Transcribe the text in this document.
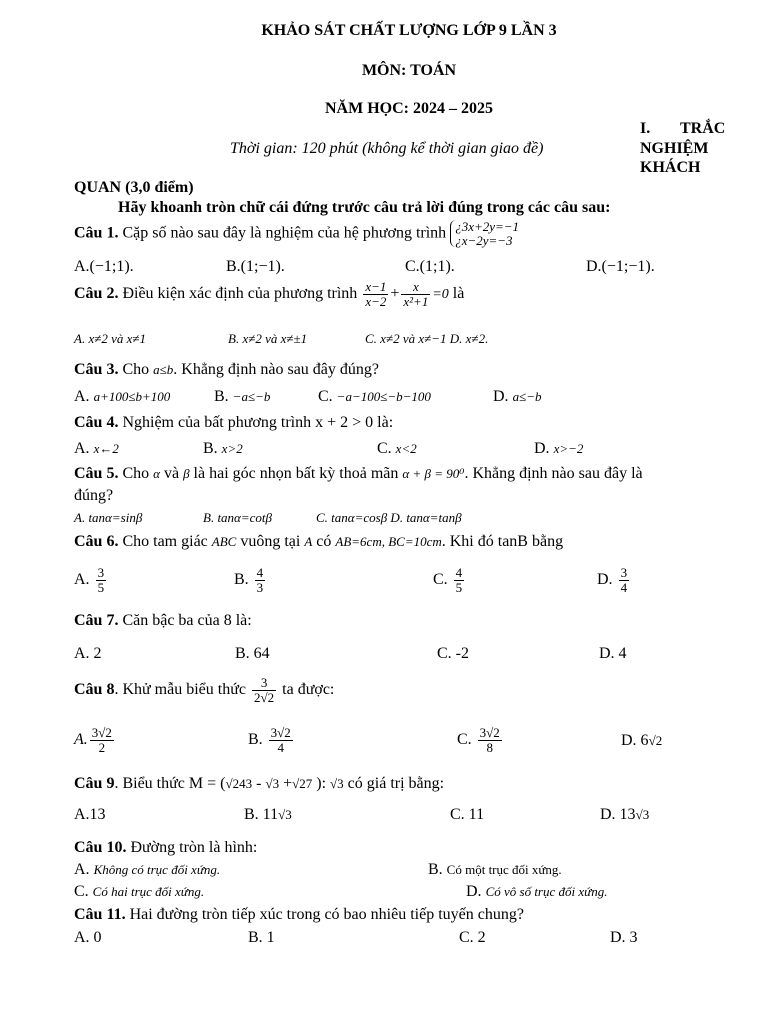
KHẢO SÁT CHẤT LƯỢNG LỚP 9 LẦN 3
MÔN: TOÁN
NĂM HỌC: 2024 – 2025
Thời gian: 120 phút (không kể thời gian giao đề)
I. TRẮC
NGHIỆM
KHÁCH
QUAN (3,0 điểm)
Hãy khoanh tròn chữ cái đứng trước câu trả lời đúng trong các câu sau:
Câu 1. Cặp số nào sau đây là nghiệm của hệ phương trình ¿3x+2y=−1
¿x−2y=−3
A.(−1;1).	B.(1;−1).	C.(1;1).	D.(−1;−1).
Câu 2. Điều kiện xác định của phương trình $\frac{x-1}{x-2} + \frac{x}{\text{x²+1}} =0$ là
A. x≠2 và x≠1	B. x≠2 và x≠±1	C. x≠2 và x≠−1 D. x≠2.
Câu 3. Cho a≤b. Khẳng định nào sau đây đúng?
A. a+100≤b+100	B. −a≤−b	C. −a−100≤−b−100	D. a≤−b
Câu 4. Nghiệm của bất phương trình x + 2 > 0 là:
A. x←2	B. x>2	C. x<2	D. x>−2
Câu 5. Cho α và β là hai góc nhọn bất kỳ thoả mãn α + β = 90⁰. Khẳng định nào sau đây là
đúng?
A. tanα=sinβ	B. tanα=cotβ	C. tanα=cosβ D. tanα=tanβ
Câu 6. Cho tam giác ABC vuông tại A có AB=6cm, BC=10cm. Khi đó tanB bằng
A. $\frac{3}{5}$	B. $\frac{4}{3}$	C. $\frac{4}{5}$	D. $\frac{3}{4}$
Câu 7. Căn bậc ba của 8 là:
A. 2	B. 64	C. -2	D. 4
Câu 8. Khử mẫu biểu thức $\frac{3}{2√2}$ ta được:
A. $\frac{3√2}{2}$	B. $\frac{3√2}{4}$	C. $\frac{3√2}{8}$	D. 6√2
Câu 9. Biểu thức M = (√243 - √3 +√27 ): √3 có giá trị bằng:
A.13	B. 11√3	C. 11	D. 13√3
Câu 10. Đường tròn là hình:
A. Không có trục đối xứng.	B. Có một trục đối xứng.
C. Có hai trục đối xứng.	D. Có vô số trục đối xứng.
Câu 11. Hai đường tròn tiếp xúc trong có bao nhiêu tiếp tuyến chung?
A. 0	B. 1	C. 2	D. 3
